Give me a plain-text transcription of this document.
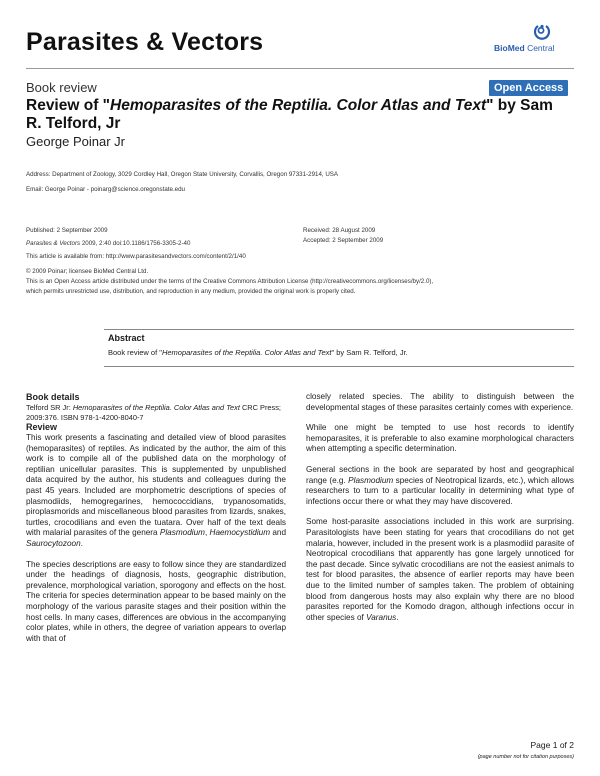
Parasites & Vectors	BioMed Central
Book review	Open Access
Review of "Hemoparasites of the Reptilia. Color Atlas and Text" by Sam R. Telford, Jr
George Poinar Jr
Address: Department of Zoology, 3029 Cordley Hall, Oregon State University, Corvallis, Oregon 97331-2914, USA
Email: George Poinar - poinarg@science.oregonstate.edu
Published: 2 September 2009
Parasites & Vectors 2009, 2:40 doi:10.1186/1756-3305-2-40
Received: 28 August 2009
Accepted: 2 September 2009
This article is available from: http://www.parasitesandvectors.com/content/2/1/40
© 2009 Poinar; licensee BioMed Central Ltd.
This is an Open Access article distributed under the terms of the Creative Commons Attribution License (http://creativecommons.org/licenses/by/2.0),
which permits unrestricted use, distribution, and reproduction in any medium, provided the original work is properly cited.
Abstract
Book review of "Hemoparasites of the Reptilia. Color Atlas and Text" by Sam R. Telford, Jr.
Book details
Telford SR Jr: Hemoparasites of the Reptilia. Color Atlas and Text CRC Press; 2009:376. ISBN 978-1-4200-8040-7
Review

This work presents a fascinating and detailed view of blood parasites (hemoparasites) of reptiles. As indicated by the author, the aim of this work is to compile all of the published data on the morphology of reptilian unicellular parasites. This is supplemented by unpublished data acquired by the author, his students and colleagues during the past 45 years. Included are morphometric descriptions of species of plasmodiids, hemogregarines, hemococcidians, trypanosomatids, piroplasmorids and miscellaneous blood parasites from lizards, snakes, turtles, crocodilians and even the tuatara. Over half of the text deals with malarial parasites of the genera Plasmodium, Haemocystidium and Saurocytozoon.

The species descriptions are easy to follow since they are standardized under the headings of diagnosis, hosts, geographic distribution, prevalence, morphological variation, sporogony and effects on the host. The criteria for species determination appear to be based mainly on the morphology of the various parasite stages and their position within the host cells. In many cases, differences are obvious in the accompanying color plates, while in others, the degree of variation appears to overlap with that of

closely related species. The ability to distinguish between the developmental stages of these parasites certainly comes with experience.

While one might be tempted to use host records to identify hemoparasites, it is preferable to also examine morphological characters when attempting a specific determination.

General sections in the book are separated by host and geographical range (e.g. Plasmodium species of Neotropical lizards, etc.), which allows researchers to turn to a particular locality in determining what type of infections occur there or what they may have discovered.

Some host-parasite associations included in this work are surprising. Parasitologists have been stating for years that crocodilians do not get malaria, however, included in the present work is a plasmodiid parasite of Neotropical crocodilians that apparently has gone largely unnoticed for the past decade. Since sylvatic crocodilians are not the easiest animals to test for blood parasites, the absence of earlier reports may have been due to the limited number of samples taken. The problem of obtaining blood from dangerous hosts may also explain why there are no blood parasites reported for the Komodo dragon, although infections occur in other species of Varanus.

Page 1 of 2
(page number not for citation purposes)
